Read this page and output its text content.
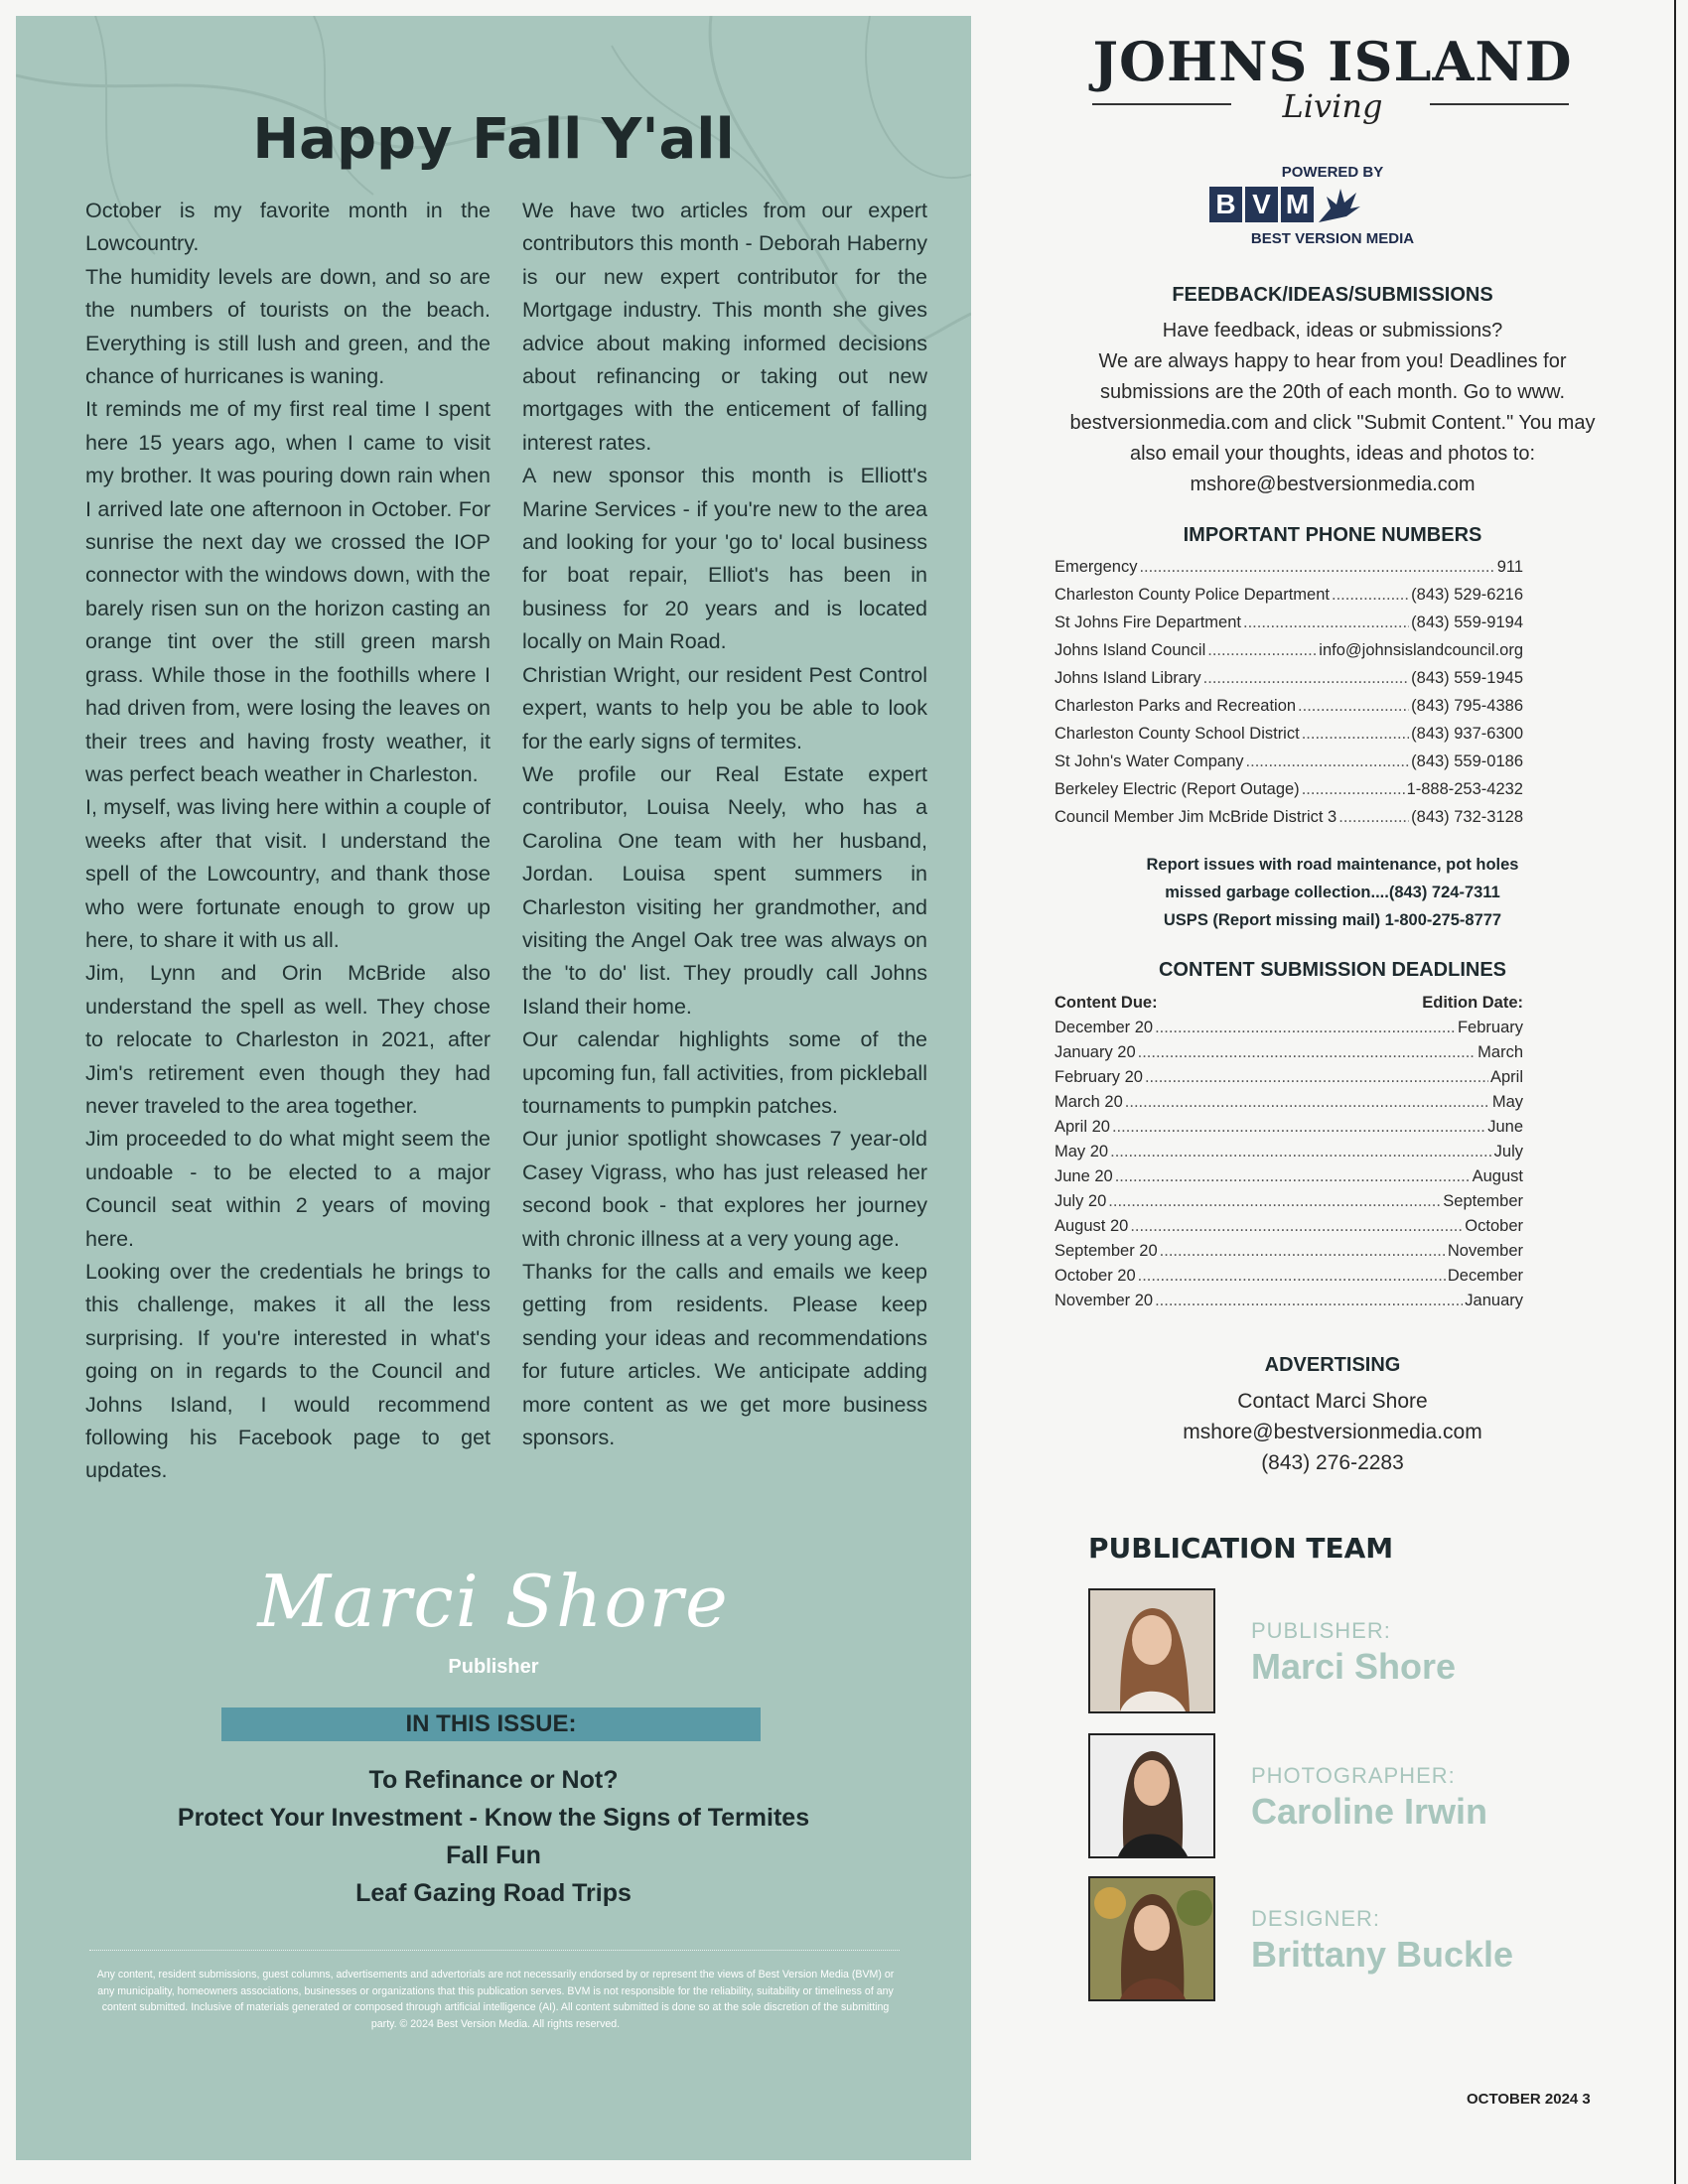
Happy Fall Y'all

October is my favorite month in the Lowcountry.

The humidity levels are down, and so are the numbers of tourists on the beach. Everything is still lush and green, and the chance of hurricanes is waning.

It reminds me of my first real time I spent here 15 years ago, when I came to visit my brother. It was pouring down rain when I arrived late one afternoon in October. For sunrise the next day we crossed the IOP connector with the windows down, with the barely risen sun on the horizon casting an orange tint over the still green marsh grass. While those in the foothills where I had driven from, were losing the leaves on their trees and having frosty weather, it was perfect beach weather in Charleston.

I, myself, was living here within a couple of weeks after that visit. I understand the spell of the Lowcountry, and thank those who were fortunate enough to grow up here, to share it with us all.

Jim, Lynn and Orin McBride also understand the spell as well. They chose to relocate to Charleston in 2021, after Jim's retirement even though they had never traveled to the area together.

Jim proceeded to do what might seem the undoable - to be elected to a major Council seat within 2 years of moving here.

Looking over the credentials he brings to this challenge, makes it all the less surprising. If you're interested in what's going on in regards to the Council and Johns Island, I would recommend following his Facebook page to get updates.

We have two articles from our expert contributors this month - Deborah Haberny is our new expert contributor for the Mortgage industry. This month she gives advice about making informed decisions about refinancing or taking out new mortgages with the enticement of falling interest rates.

A new sponsor this month is Elliott's Marine Services - if you're new to the area and looking for your 'go to' local business for boat repair, Elliot's has been in business for 20 years and is located locally on Main Road.

Christian Wright, our resident Pest Control expert, wants to help you be able to look for the early signs of termites.

We profile our Real Estate expert contributor, Louisa Neely, who has a Carolina One team with her husband, Jordan. Louisa spent summers in Charleston visiting her grandmother, and visiting the Angel Oak tree was always on the 'to do' list. They proudly call Johns Island their home.

Our calendar highlights some of the upcoming fun, fall activities, from pickleball tournaments to pumpkin patches.

Our junior spotlight showcases 7 year-old Casey Vigrass, who has just released her second book - that explores her journey with chronic illness at a very young age.

Thanks for the calls and emails we keep getting from residents. Please keep sending your ideas and recommendations for future articles. We anticipate adding more content as we get more business sponsors.

Marci Shore
Publisher
IN THIS ISSUE:
To Refinance or Not?
Protect Your Investment - Know the Signs of Termites
Fall Fun
Leaf Gazing Road Trips
Any content, resident submissions, guest columns, advertisements and advertorials are not necessarily endorsed by or represent the views of Best Version Media (BVM) or any municipality, homeowners associations, businesses or organizations that this publication serves. BVM is not responsible for the reliability, suitability or timeliness of any content submitted. Inclusive of materials generated or composed through artificial intelligence (AI). All content submitted is done so at the sole discretion of the submitting party. © 2024 Best Version Media. All rights reserved.
JOHNS ISLAND
Living
POWERED BY
B V M
BEST VERSION MEDIA
FEEDBACK/IDEAS/SUBMISSIONS

Have feedback, ideas or submissions?

We are always happy to hear from you! Deadlines for

submissions are the 20th of each month. Go to www.

bestversionmedia.com and click "Submit Content." You may

also email your thoughts, ideas and photos to:

mshore@bestversionmedia.com

IMPORTANT PHONE NUMBERS
Emergency .....	911
Charleston County Police Department .....	(843) 529-6216
St Johns Fire Department .....	(843) 559-9194
Johns Island Council .....	info@johnsislandcouncil.org
Johns Island Library .....	(843) 559-1945
Charleston Parks and Recreation .....	(843) 795-4386
Charleston County School District .....	(843) 937-6300
St John's Water Company .....	(843) 559-0186
Berkeley Electric (Report Outage) .....	1-888-253-4232
Council Member Jim McBride District 3 .....	(843) 732-3128
Report issues with road maintenance, pot holes
missed garbage collection....(843) 724-7311
USPS (Report missing mail) 1-800-275-8777
CONTENT SUBMISSION DEADLINES
Content Due:	Edition Date:
December 20 .....	February
January 20 .....	March
February 20 .....	April
March 20 .....	May
April 20 .....	June
May 20 .....	July
June 20 .....	August
July 20 .....	September
August 20 .....	October
September 20 .....	November
October 20 .....	December
November 20 .....	January
ADVERTISING
Contact Marci Shore
mshore@bestversionmedia.com
(843) 276-2283
PUBLICATION TEAM
PUBLISHER:
Marci Shore
PHOTOGRAPHER:
Caroline Irwin
DESIGNER:
Brittany Buckle
OCTOBER 2024 3
